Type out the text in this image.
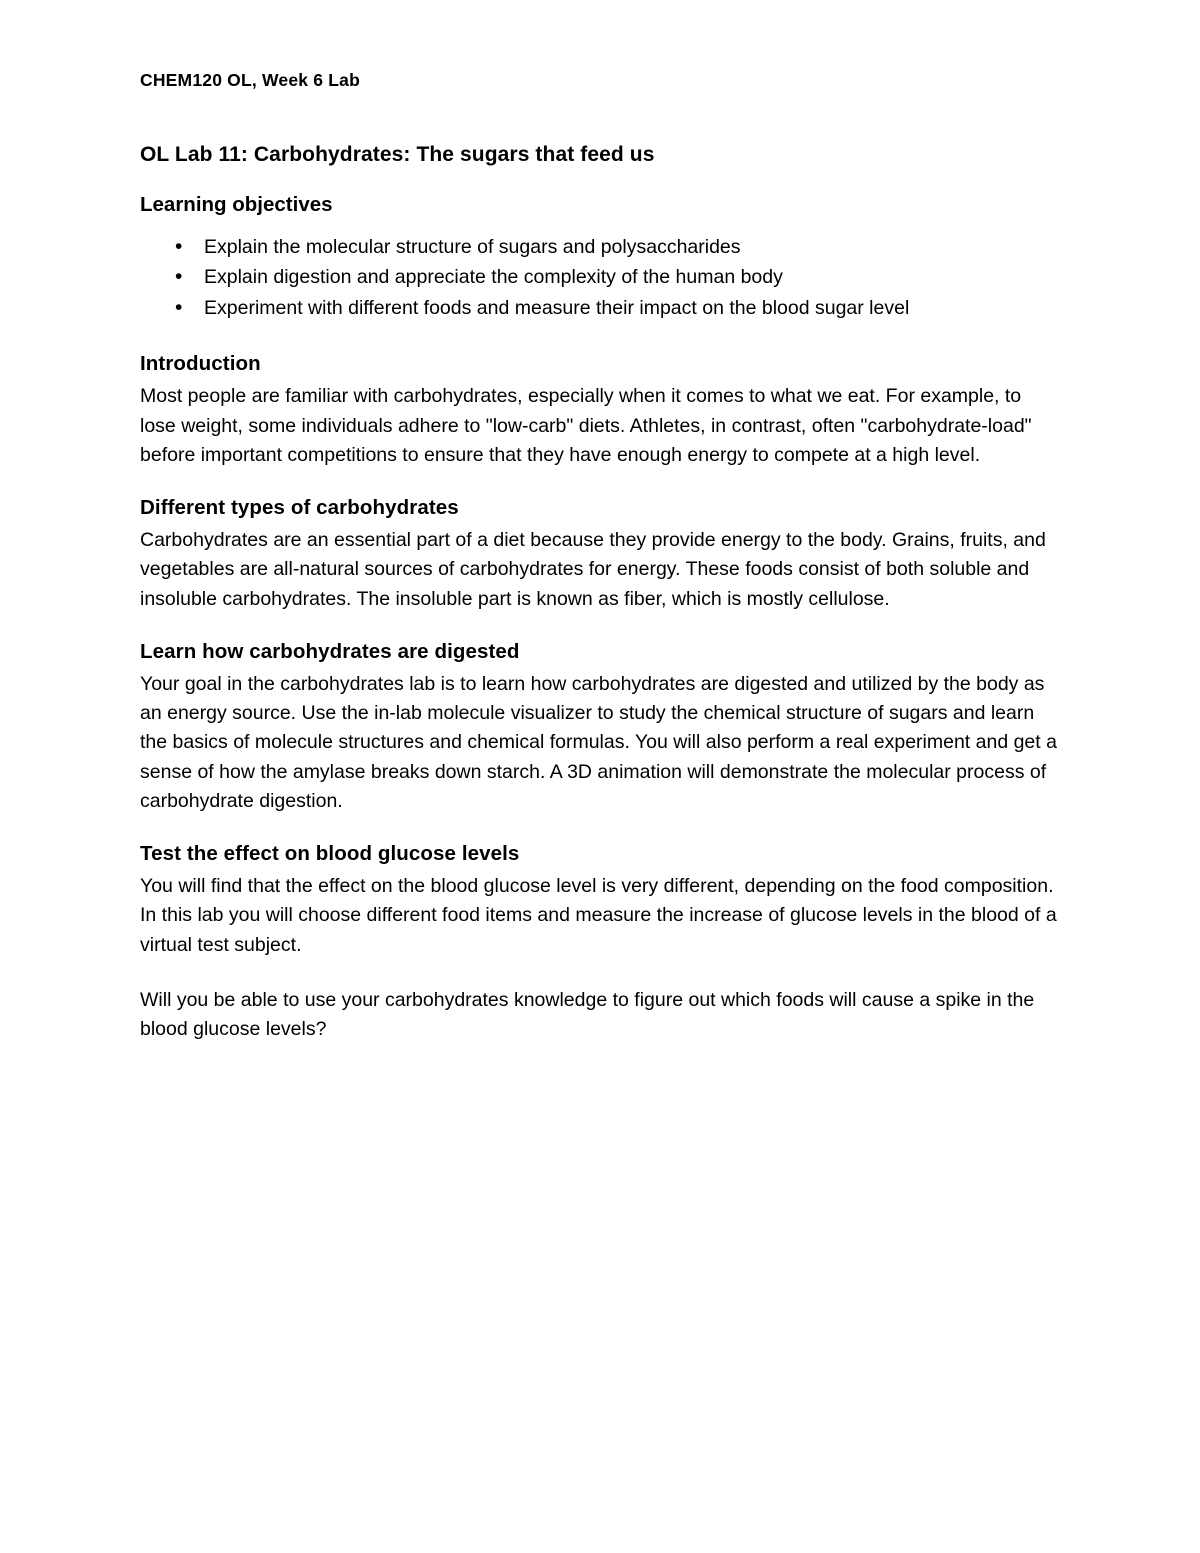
CHEM120 OL, Week 6 Lab
OL Lab 11: Carbohydrates: The sugars that feed us
Learning objectives
• Explain the molecular structure of sugars and polysaccharides
• Explain digestion and appreciate the complexity of the human body
• Experiment with different foods and measure their impact on the blood sugar level
Introduction

Most people are familiar with carbohydrates, especially when it comes to what we eat. For example, to lose weight, some individuals adhere to "low-carb" diets. Athletes, in contrast, often "carbohydrate-load" before important competitions to ensure that they have enough energy to compete at a high level.

Different types of carbohydrates

Carbohydrates are an essential part of a diet because they provide energy to the body. Grains, fruits, and vegetables are all-natural sources of carbohydrates for energy. These foods consist of both soluble and insoluble carbohydrates. The insoluble part is known as fiber, which is mostly cellulose.

Learn how carbohydrates are digested

Your goal in the carbohydrates lab is to learn how carbohydrates are digested and utilized by the body as an energy source. Use the in-lab molecule visualizer to study the chemical structure of sugars and learn the basics of molecule structures and chemical formulas. You will also perform a real experiment and get a sense of how the amylase breaks down starch. A 3D animation will demonstrate the molecular process of carbohydrate digestion.

Test the effect on blood glucose levels

You will find that the effect on the blood glucose level is very different, depending on the food composition. In this lab you will choose different food items and measure the increase of glucose levels in the blood of a virtual test subject.

Will you be able to use your carbohydrates knowledge to figure out which foods will cause a spike in the blood glucose levels?
